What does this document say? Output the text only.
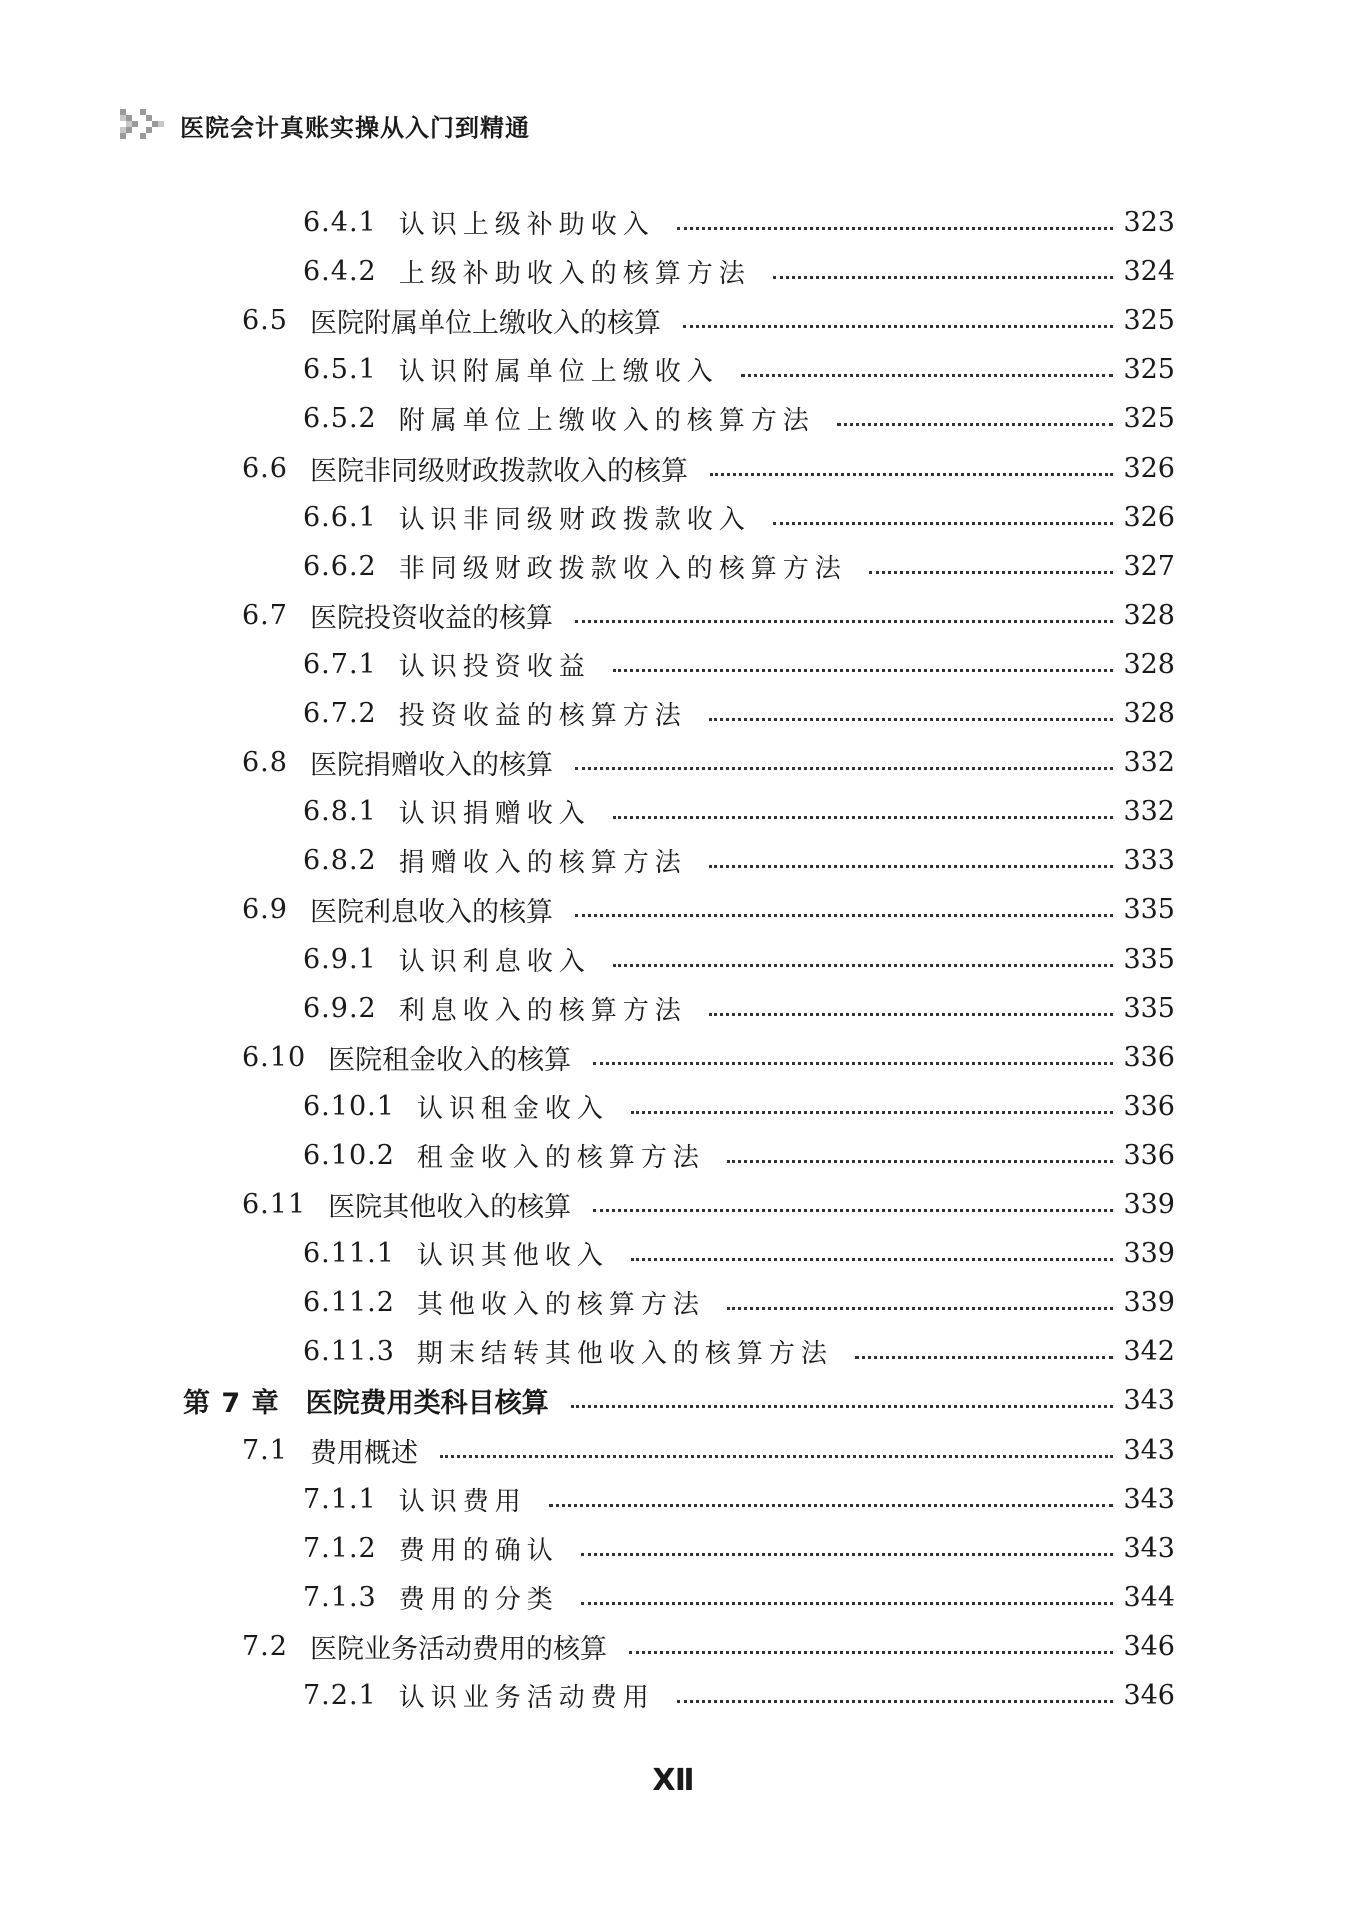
医院会计真账实操从入门到精通
6.4.1 认识上级补助收入	323
6.4.2 上级补助收入的核算方法	324
6.5 医院附属单位上缴收入的核算	325
6.5.1 认识附属单位上缴收入	325
6.5.2 附属单位上缴收入的核算方法	325
6.6 医院非同级财政拨款收入的核算	326
6.6.1 认识非同级财政拨款收入	326
6.6.2 非同级财政拨款收入的核算方法	327
6.7 医院投资收益的核算	328
6.7.1 认识投资收益	328
6.7.2 投资收益的核算方法	328
6.8 医院捐赠收入的核算	332
6.8.1 认识捐赠收入	332
6.8.2 捐赠收入的核算方法	333
6.9 医院利息收入的核算	335
6.9.1 认识利息收入	335
6.9.2 利息收入的核算方法	335
6.10 医院租金收入的核算	336
6.10.1 认识租金收入	336
6.10.2 租金收入的核算方法	336
6.11 医院其他收入的核算	339
6.11.1 认识其他收入	339
6.11.2 其他收入的核算方法	339
6.11.3 期末结转其他收入的核算方法	342
第 7 章 医院费用类科目核算	343
7.1 费用概述	343
7.1.1 认识费用	343
7.1.2 费用的确认	343
7.1.3 费用的分类	344
7.2 医院业务活动费用的核算	346
7.2.1 认识业务活动费用	346
Ⅻ
